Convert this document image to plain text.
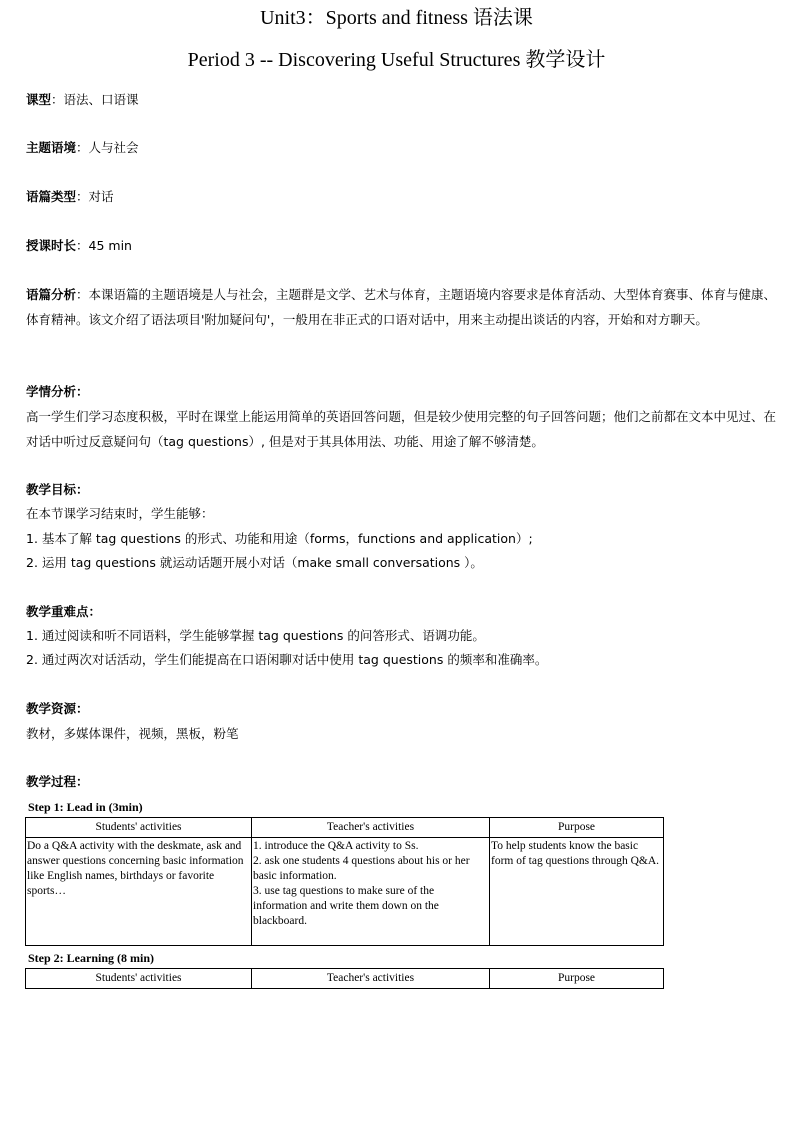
Unit3：Sports and fitness 语法课
Period 3 -- Discovering Useful Structures 教学设计
课型：语法、口语课
主题语境：人与社会
语篇类型：对话
授课时长：45 min
语篇分析：本课语篇的主题语境是人与社会，主题群是文学、艺术与体育，主题语境内容要求是体育活动、大型体育赛事、体育与健康、体育精神。该文介绍了语法项目'附加疑问句'，一般用在非正式的口语对话中，用来主动提出谈话的内容，开始和对方聊天。
学情分析：
高一学生们学习态度积极，平时在课堂上能运用简单的英语回答问题，但是较少使用完整的句子回答问题；他们之前都在文本中见过、在对话中听过反意疑问句（tag questions）, 但是对于其具体用法、功能、用途了解不够清楚。
教学目标：
在本节课学习结束时，学生能够：
1. 基本了解 tag questions 的形式、功能和用途（forms，functions and application）;
2. 运用 tag questions 就运动话题开展小对话（make small conversations ）。
教学重难点：
1. 通过阅读和听不同语料，学生能够掌握 tag questions 的问答形式、语调功能。
2. 通过两次对话活动，学生们能提高在口语闲聊对话中使用 tag questions 的频率和准确率。
教学资源：
教材，多媒体课件，视频，黑板，粉笔
教学过程：
Step 1: Lead in (3min)
Students' activities	Teacher's activities	Purpose
Do a Q&A activity with the deskmate, ask and answer questions concerning basic information like English names, birthdays or favorite sports…	1. introduce the Q&A activity to Ss.
2. ask one students 4 questions about his or her basic information.
3. use tag questions to make sure of the information and write them down on the blackboard.	To help students know the basic form of tag questions through Q&A.
Step 2: Learning (8 min)
Students' activities	Teacher's activities	Purpose
